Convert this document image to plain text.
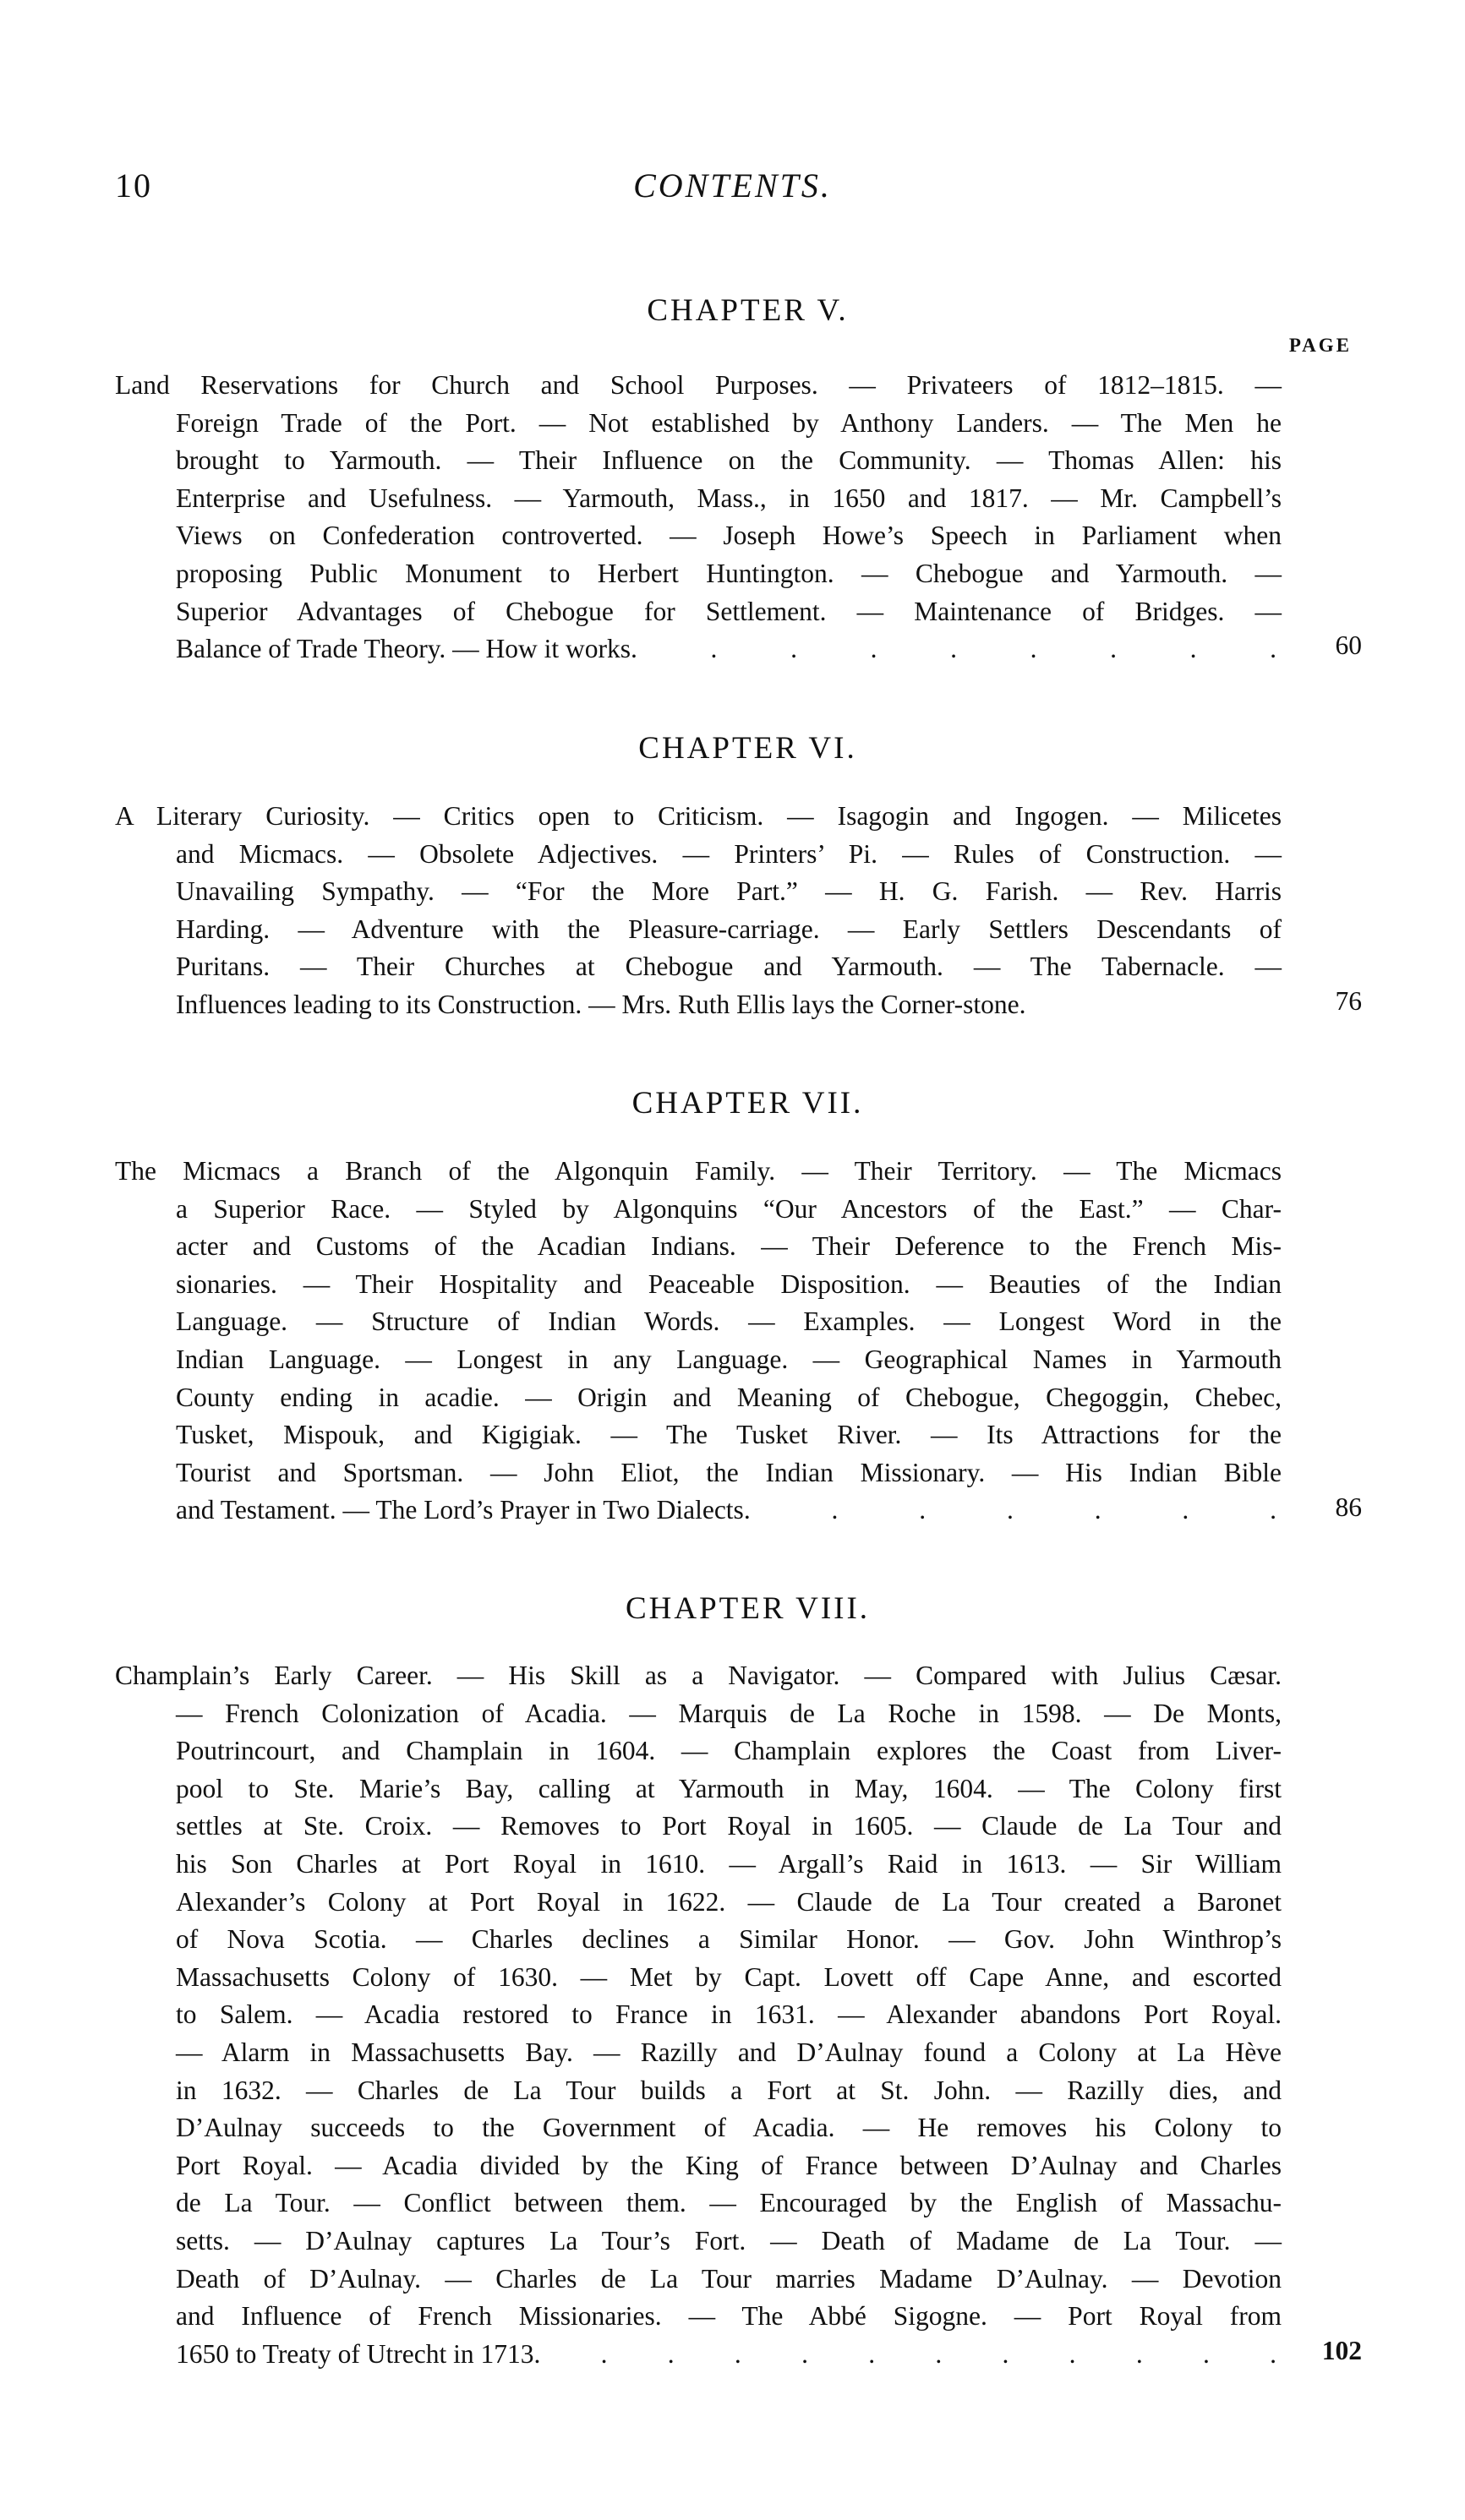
10	CONTENTS.
PAGE
CHAPTER V.
Land Reservations for Church and School Purposes. — Privateers of 1812–1815. —
Foreign Trade of the Port. — Not established by Anthony Landers. — The Men he
brought to Yarmouth. — Their Influence on the Community. — Thomas Allen: his
Enterprise and Usefulness. — Yarmouth, Mass., in 1650 and 1817. — Mr. Campbell’s
Views on Confederation controverted. — Joseph Howe’s Speech in Parliament when
proposing Public Monument to Herbert Huntington. — Chebogue and Yarmouth. —
Superior Advantages of Chebogue for Settlement. — Maintenance of Bridges. —
Balance of Trade Theory. — How it works . . . . . . . . . 60
CHAPTER VI.
A Literary Curiosity. — Critics open to Criticism. — Isagogin and Ingogen. — Milicetes
and Micmacs. — Obsolete Adjectives. — Printers’ Pi. — Rules of Construction. —
Unavailing Sympathy. — “For the More Part.” — H. G. Farish. — Rev. Harris
Harding. — Adventure with the Pleasure-carriage. — Early Settlers Descendants of
Puritans. — Their Churches at Chebogue and Yarmouth. — The Tabernacle. —
Influences leading to its Construction. — Mrs. Ruth Ellis lays the Corner-stone .	76
CHAPTER VII.
The Micmacs a Branch of the Algonquin Family. — Their Territory. — The Micmacs
a Superior Race. — Styled by Algonquins “Our Ancestors of the East.” — Char-
acter and Customs of the Acadian Indians. — Their Deference to the French Mis-
sionaries. — Their Hospitality and Peaceable Disposition. — Beauties of the Indian
Language. — Structure of Indian Words. — Examples. — Longest Word in the
Indian Language. — Longest in any Language. — Geographical Names in Yarmouth
County ending in acadie. — Origin and Meaning of Chebogue, Chegoggin, Chebec,
Tusket, Mispouk, and Kigigiak. — The Tusket River. — Its Attractions for the
Tourist and Sportsman. — John Eliot, the Indian Missionary. — His Indian Bible
and Testament. — The Lord’s Prayer in Two Dialects . . . . . . . 86
CHAPTER VIII.
Champlain’s Early Career. — His Skill as a Navigator. — Compared with Julius Cæsar.
— French Colonization of Acadia. — Marquis de La Roche in 1598. — De Monts,
Poutrincourt, and Champlain in 1604. — Champlain explores the Coast from Liver-
pool to Ste. Marie’s Bay, calling at Yarmouth in May, 1604. — The Colony first
settles at Ste. Croix. — Removes to Port Royal in 1605. — Claude de La Tour and
his Son Charles at Port Royal in 1610. — Argall’s Raid in 1613. — Sir William
Alexander’s Colony at Port Royal in 1622. — Claude de La Tour created a Baronet
of Nova Scotia. — Charles declines a Similar Honor. — Gov. John Winthrop’s
Massachusetts Colony of 1630. — Met by Capt. Lovett off Cape Anne, and escorted
to Salem. — Acadia restored to France in 1631. — Alexander abandons Port Royal.
— Alarm in Massachusetts Bay. — Razilly and D’Aulnay found a Colony at La Hève
in 1632. — Charles de La Tour builds a Fort at St. John. — Razilly dies, and
D’Aulnay succeeds to the Government of Acadia. — He removes his Colony to
Port Royal. — Acadia divided by the King of France between D’Aulnay and Charles
de La Tour. — Conflict between them. — Encouraged by the English of Massachu-
setts. — D’Aulnay captures La Tour’s Fort. — Death of Madame de La Tour. —
Death of D’Aulnay. — Charles de La Tour marries Madame D’Aulnay. — Devotion
and Influence of French Missionaries. — The Abbé Sigogne. — Port Royal from
1650 to Treaty of Utrecht in 1713 . . . . . . . . . . . . 102
